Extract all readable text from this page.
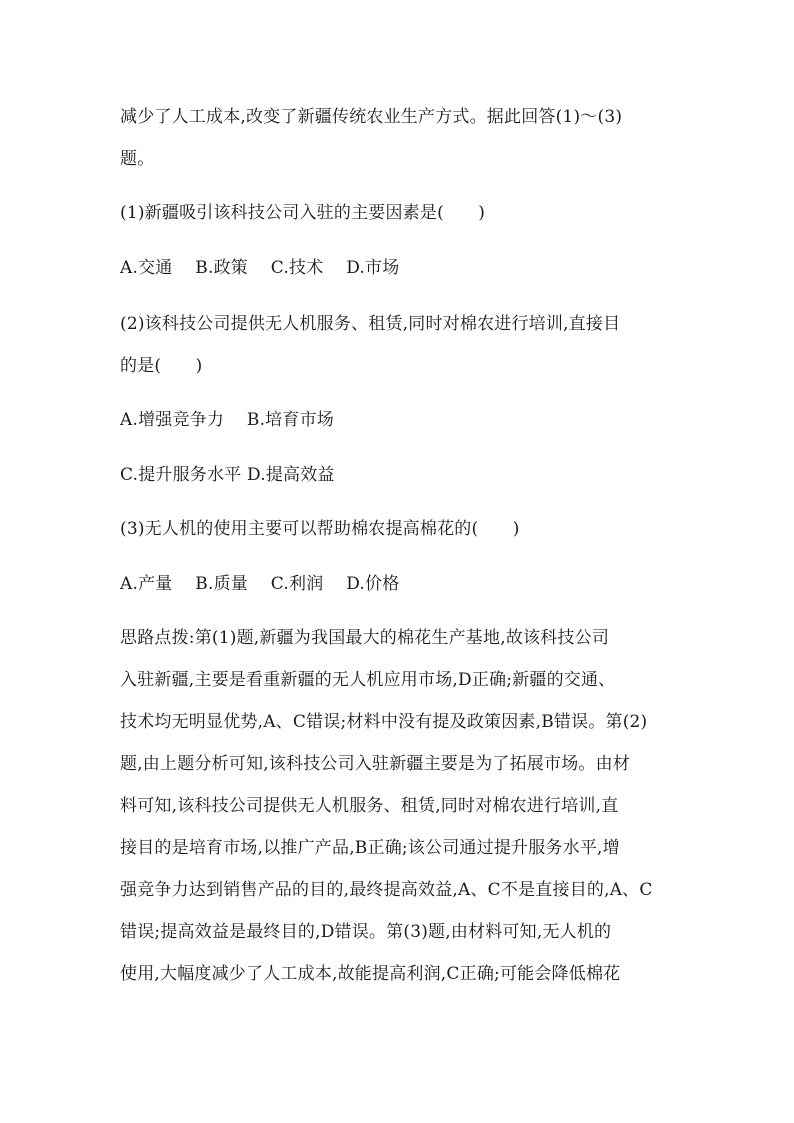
减少了人工成本,改变了新疆传统农业生产方式。据此回答(1)～(3)
题。
(1)新疆吸引该科技公司入驻的主要因素是(　　)
A.交通　 B.政策　 C.技术　 D.市场
(2)该科技公司提供无人机服务、租赁,同时对棉农进行培训,直接目
的是(　　)
A.增强竞争力　 B.培育市场
C.提升服务水平 D.提高效益
(3)无人机的使用主要可以帮助棉农提高棉花的(　　)
A.产量　 B.质量　 C.利润　 D.价格
思路点拨:第(1)题,新疆为我国最大的棉花生产基地,故该科技公司
入驻新疆,主要是看重新疆的无人机应用市场,D正确;新疆的交通、
技术均无明显优势,A、C错误;材料中没有提及政策因素,B错误。第(2)
题,由上题分析可知,该科技公司入驻新疆主要是为了拓展市场。由材
料可知,该科技公司提供无人机服务、租赁,同时对棉农进行培训,直
接目的是培育市场,以推广产品,B正确;该公司通过提升服务水平,增
强竞争力达到销售产品的目的,最终提高效益,A、C不是直接目的,A、C
错误;提高效益是最终目的,D错误。第(3)题,由材料可知,无人机的
使用,大幅度减少了人工成本,故能提高利润,C正确;可能会降低棉花
